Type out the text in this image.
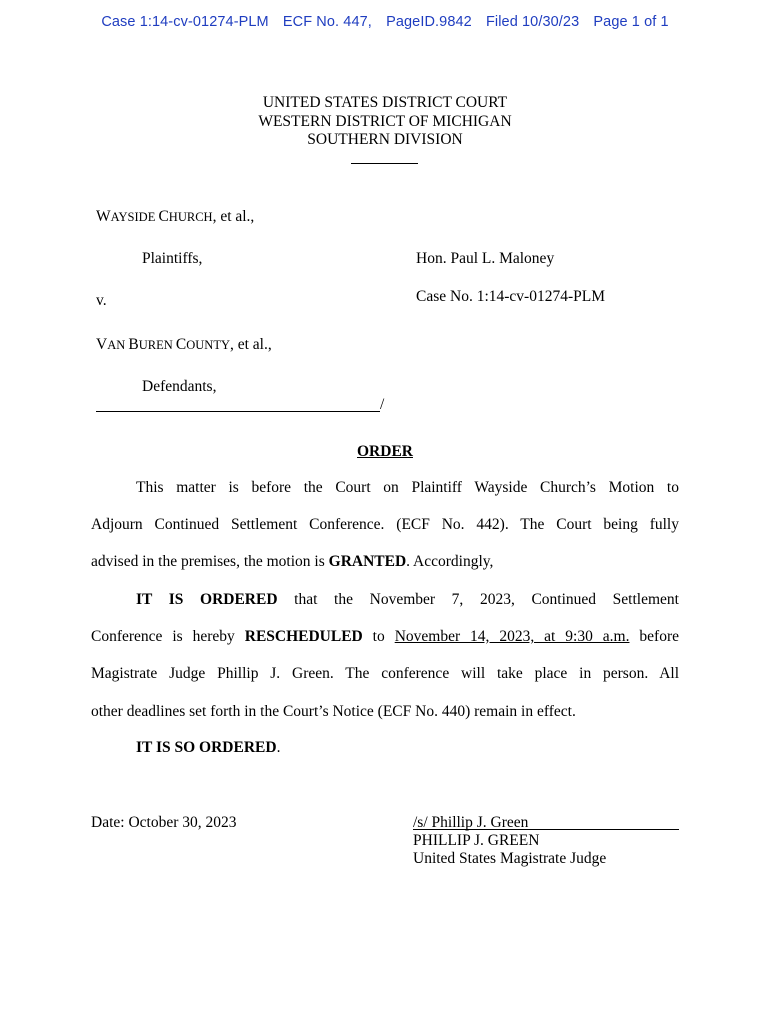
Case 1:14-cv-01274-PLM ECF No. 447, PageID.9842 Filed 10/30/23 Page 1 of 1
UNITED STATES DISTRICT COURT
WESTERN DISTRICT OF MICHIGAN
SOUTHERN DIVISION
WAYSIDE CHURCH, et al.,
Plaintiffs,	Hon. Paul L. Maloney
v.	Case No. 1:14-cv-01274-PLM
VAN BUREN COUNTY, et al.,
Defendants,
/
ORDER
This matter is before the Court on Plaintiff Wayside Church’s Motion to
Adjourn Continued Settlement Conference. (ECF No. 442). The Court being fully
advised in the premises, the motion is GRANTED. Accordingly,
IT IS ORDERED that the November 7, 2023, Continued Settlement
Conference is hereby RESCHEDULED to November 14, 2023, at 9:30 a.m. before
Magistrate Judge Phillip J. Green. The conference will take place in person. All
other deadlines set forth in the Court’s Notice (ECF No. 440) remain in effect.
IT IS SO ORDERED.
Date: October 30, 2023	/s/ Phillip J. Green
PHILLIP J. GREEN
United States Magistrate Judge
